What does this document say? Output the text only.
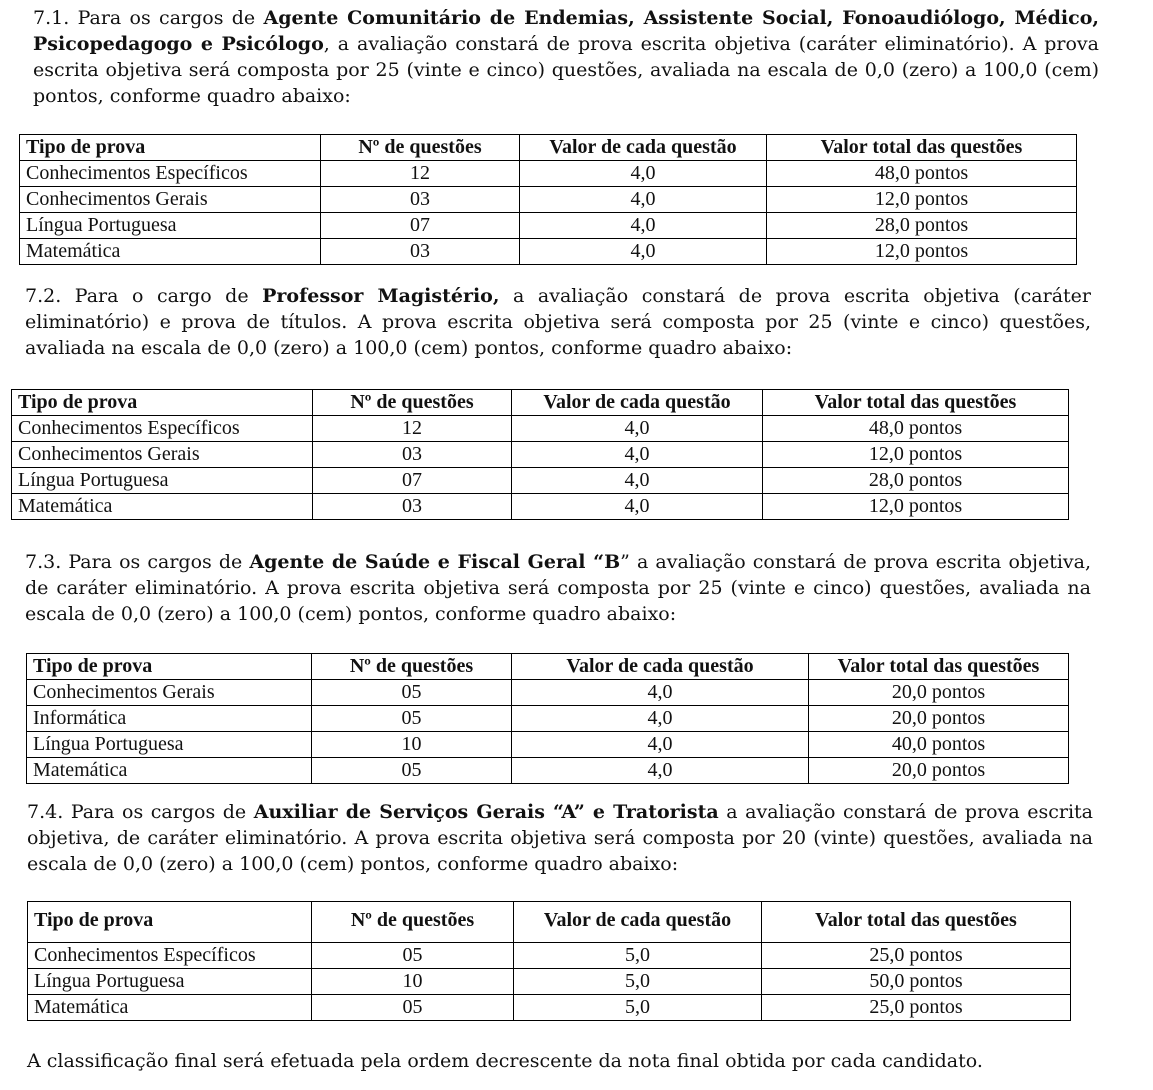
7.1. Para os cargos de Agente Comunitário de Endemias, Assistente Social, Fonoaudiólogo, Médico, Psicopedagogo e Psicólogo, a avaliação constará de prova escrita objetiva (caráter eliminatório). A prova escrita objetiva será composta por 25 (vinte e cinco) questões, avaliada na escala de 0,0 (zero) a 100,0 (cem) pontos, conforme quadro abaixo:
Tipo de prova	Nº de questões	Valor de cada questão	Valor total das questões
Conhecimentos Específicos	12	4,0	48,0 pontos
Conhecimentos Gerais	03	4,0	12,0 pontos
Língua Portuguesa	07	4,0	28,0 pontos
Matemática	03	4,0	12,0 pontos
7.2. Para o cargo de Professor Magistério, a avaliação constará de prova escrita objetiva (caráter eliminatório) e prova de títulos. A prova escrita objetiva será composta por 25 (vinte e cinco) questões, avaliada na escala de 0,0 (zero) a 100,0 (cem) pontos, conforme quadro abaixo:
Tipo de prova	Nº de questões	Valor de cada questão	Valor total das questões
Conhecimentos Específicos	12	4,0	48,0 pontos
Conhecimentos Gerais	03	4,0	12,0 pontos
Língua Portuguesa	07	4,0	28,0 pontos
Matemática	03	4,0	12,0 pontos
7.3. Para os cargos de Agente de Saúde e Fiscal Geral “B” a avaliação constará de prova escrita objetiva, de caráter eliminatório. A prova escrita objetiva será composta por 25 (vinte e cinco) questões, avaliada na escala de 0,0 (zero) a 100,0 (cem) pontos, conforme quadro abaixo:
Tipo de prova	Nº de questões	Valor de cada questão	Valor total das questões
Conhecimentos Gerais	05	4,0	20,0 pontos
Informática	05	4,0	20,0 pontos
Língua Portuguesa	10	4,0	40,0 pontos
Matemática	05	4,0	20,0 pontos
7.4. Para os cargos de Auxiliar de Serviços Gerais “A” e Tratorista a avaliação constará de prova escrita objetiva, de caráter eliminatório. A prova escrita objetiva será composta por 20 (vinte) questões, avaliada na escala de 0,0 (zero) a 100,0 (cem) pontos, conforme quadro abaixo:
Tipo de prova	Nº de questões	Valor de cada questão	Valor total das questões
Conhecimentos Específicos	05	5,0	25,0 pontos
Língua Portuguesa	10	5,0	50,0 pontos
Matemática	05	5,0	25,0 pontos
A classificação final será efetuada pela ordem decrescente da nota final obtida por cada candidato.
